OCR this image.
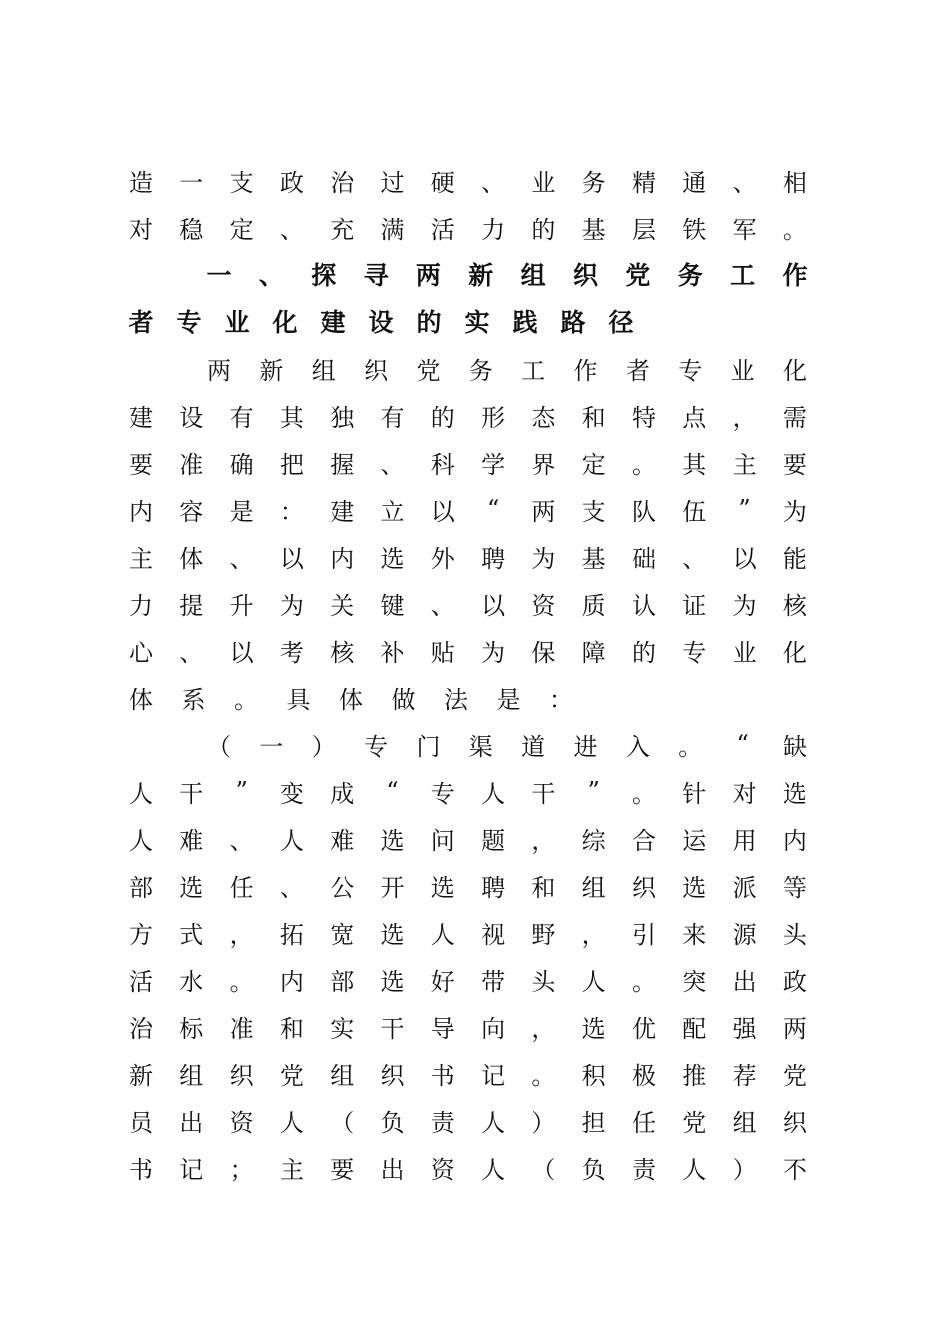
造 一 支 政 治 过 硬 、 业 务 精 通 、 相
对 稳 定 、 充 满 活 力 的 基 层 铁 军 。
一 、 探 寻 两 新 组 织 党 务 工 作
者 专 业 化 建 设 的 实 践 路 径
两 新 组 织 党 务 工 作 者 专 业 化
建 设 有 其 独 有 的 形 态 和 特 点 ， 需
要 准 确 把 握 、 科 学 界 定 。 其 主 要
内 容 是 ： 建 立 以 “ 两 支 队 伍 ” 为
主 体 、 以 内 选 外 聘 为 基 础 、 以 能
力 提 升 为 关 键 、 以 资 质 认 证 为 核
心 、 以 考 核 补 贴 为 保 障 的 专 业 化
体 系 。 具 体 做 法 是 ：
（ 一 ） 专 门 渠 道 进 入 。 “ 缺
人 干 ” 变 成 “ 专 人 干 ” 。 针 对 选
人 难 、 人 难 选 问 题 ， 综 合 运 用 内
部 选 任 、 公 开 选 聘 和 组 织 选 派 等
方 式 ， 拓 宽 选 人 视 野 ， 引 来 源 头
活 水 。 内 部 选 好 带 头 人 。 突 出 政
治 标 准 和 实 干 导 向 ， 选 优 配 强 两
新 组 织 党 组 织 书 记 。 积 极 推 荐 党
员 出 资 人 （ 负 责 人 ） 担 任 党 组 织
书 记 ； 主 要 出 资 人 （ 负 责 人 ） 不
